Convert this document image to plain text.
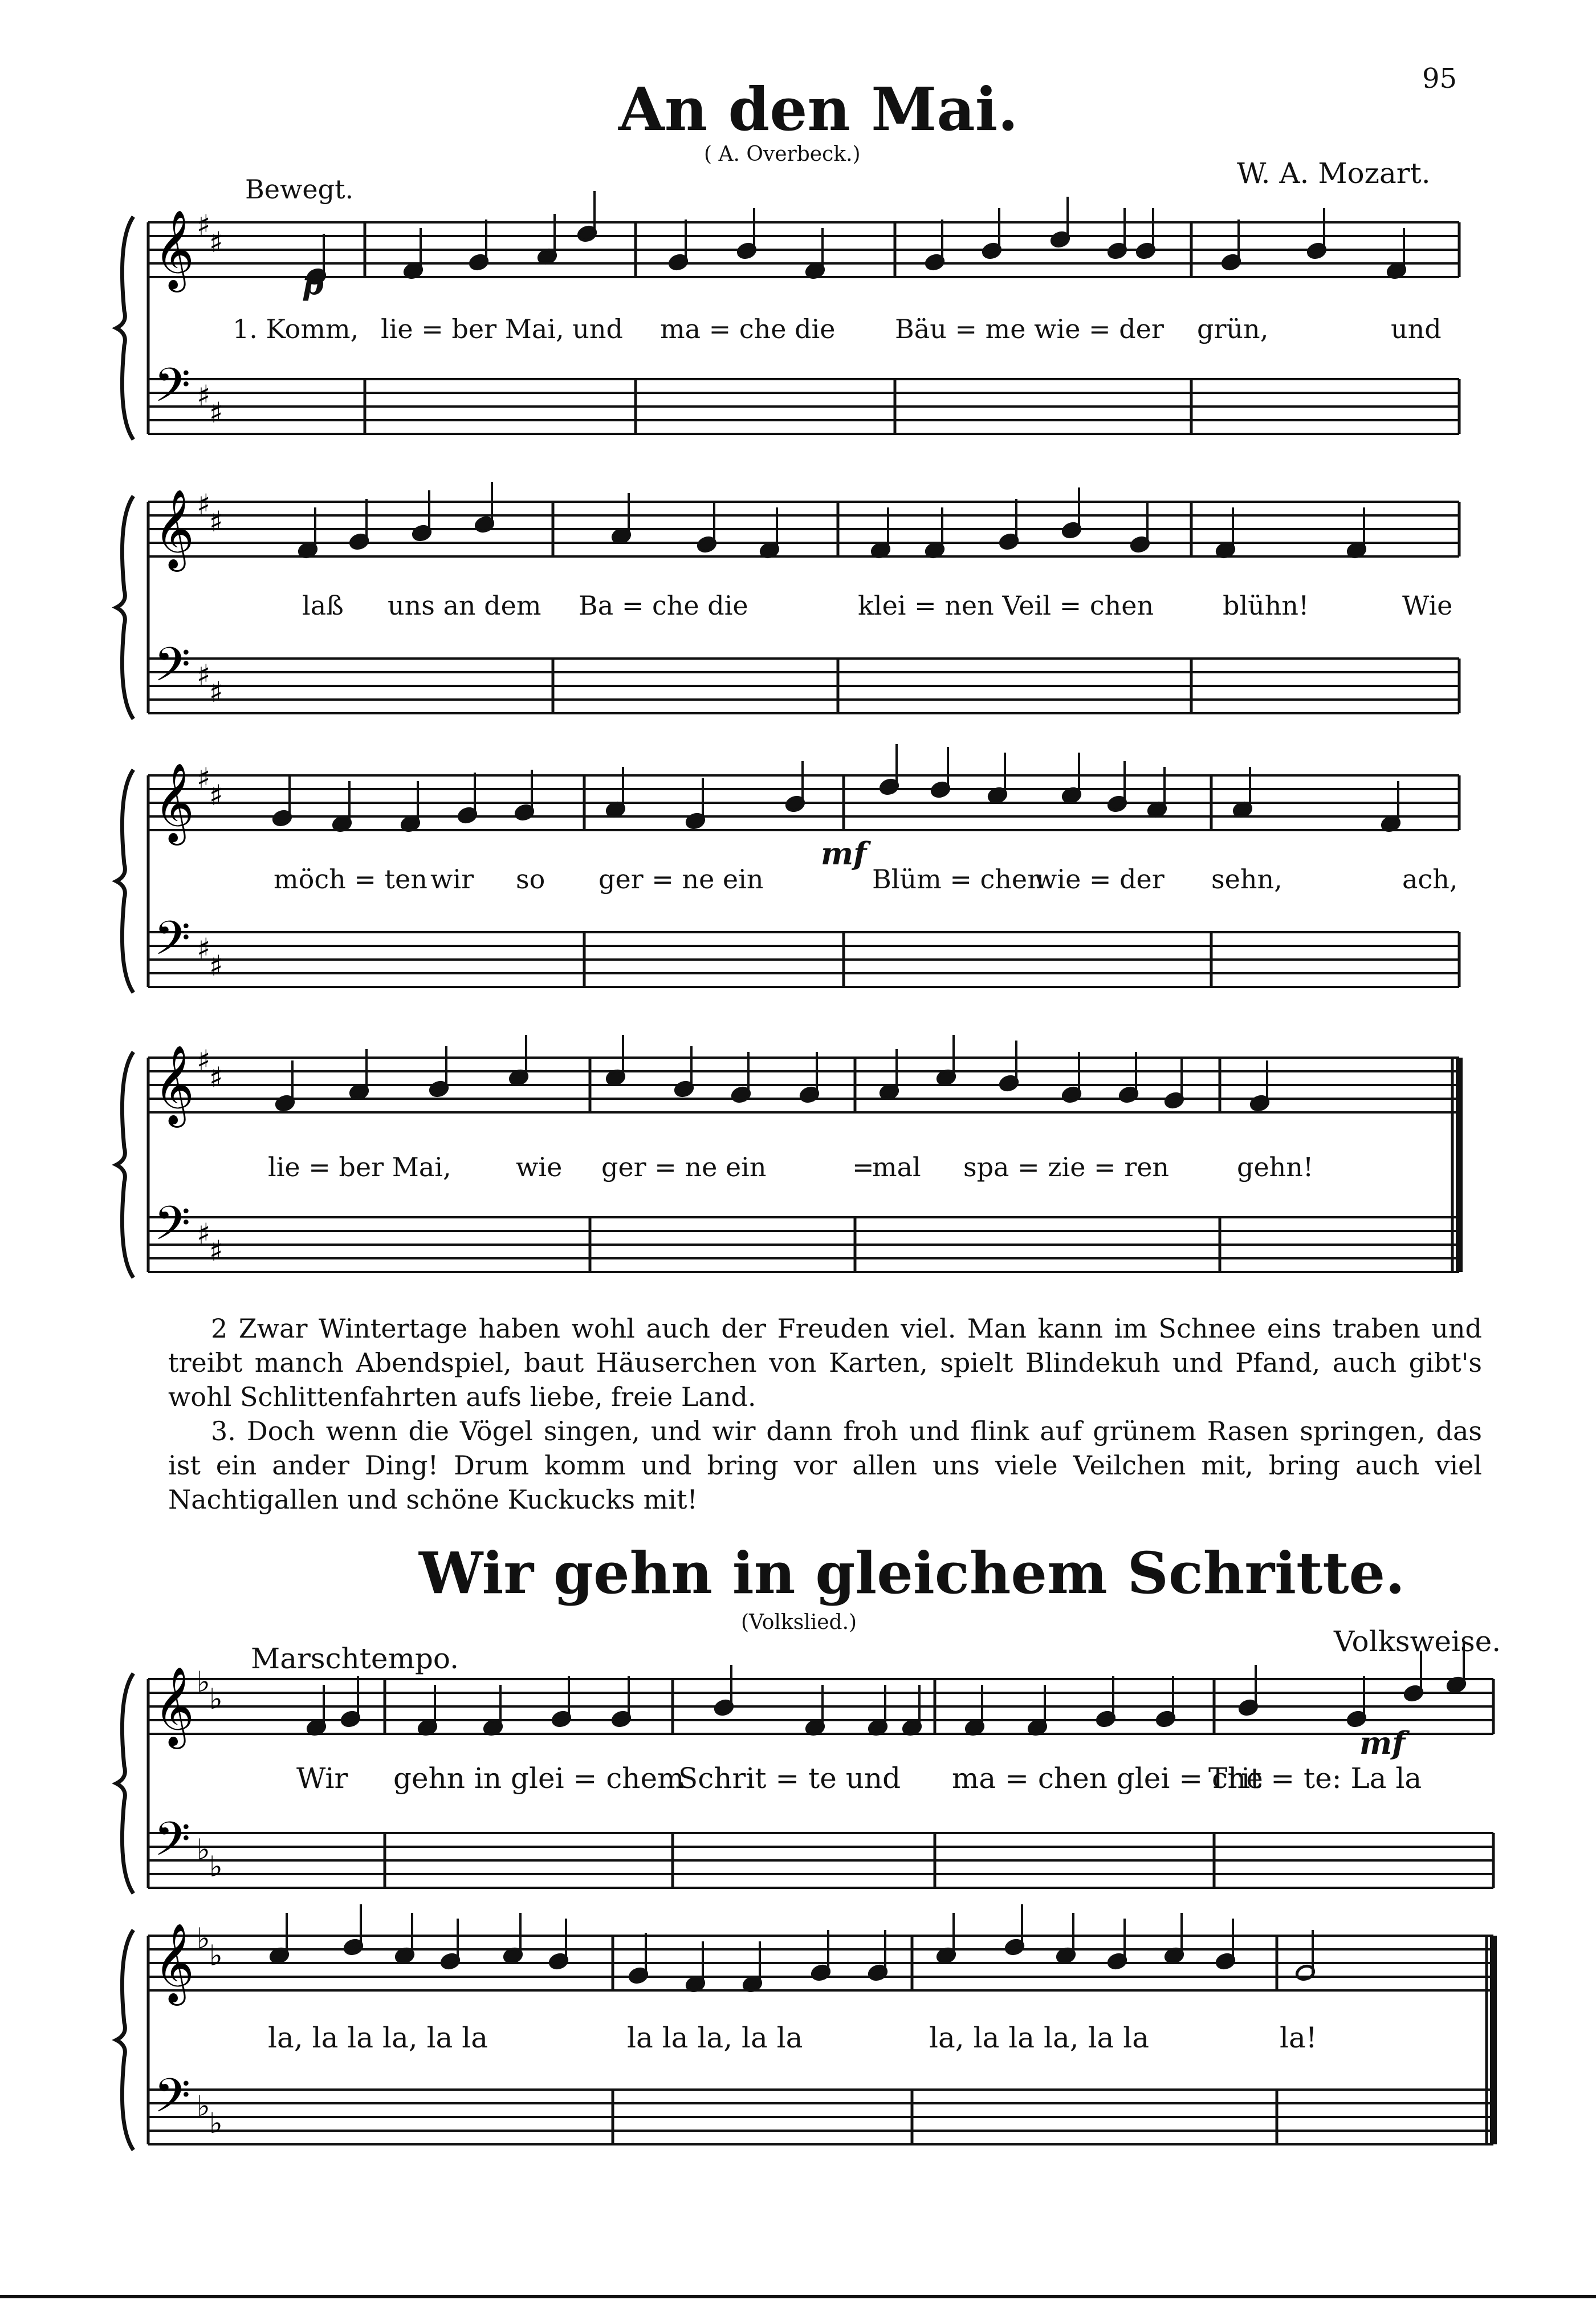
𝄞
𝄢
♯
♯
♯
♯
𝄞
𝄢
♯
♯
♯
♯
𝄞
𝄢
♯
♯
♯
♯
𝄞
𝄢
♯
♯
♯
♯
𝄞
𝄢
♭
♭
♭
♭
𝄞
𝄢
♭
♭
♭
♭
95
An den Mai.
( A. Overbeck.)
W. A. Mozart.
Bewegt.
p
1. Komm, lie = ber Mai, und ma = che die Bäu = me wie = der grün,	und
laß uns an dem Ba = che die	klei = nen Veil = chen	blühn!	Wie
mf
möch = ten wir so ger = ne ein	Blüm = chen
wie = der sehn,	ach,
lie = ber Mai, wie ger = ne ein	=
mal spa = zie = ren	gehn!
2 Zwar Wintertage haben wohl auch der Freuden viel. Man kann im Schnee eins traben und treibt manch Abendspiel, baut Häuserchen von Karten, spielt Blindekuh und Pfand, auch gibt's wohl Schlittenfahrten aufs liebe, freie Land.
3. Doch wenn die Vögel singen, und wir dann froh und flink auf grünem Rasen springen, das ist ein ander Ding! Drum komm und bring vor allen uns viele Veilchen mit, bring auch viel Nachtigallen und schöne Kuckucks mit!
Wir gehn in gleichem Schritte.
(Volkslied.)
Volksweise.
Marschtempo.
mf
Wir gehn in glei = chem
Schrit = te und ma = chen glei = che
Trit = te: La la
la, la la la, la la	la la la, la la	la, la la la, la la	la!
